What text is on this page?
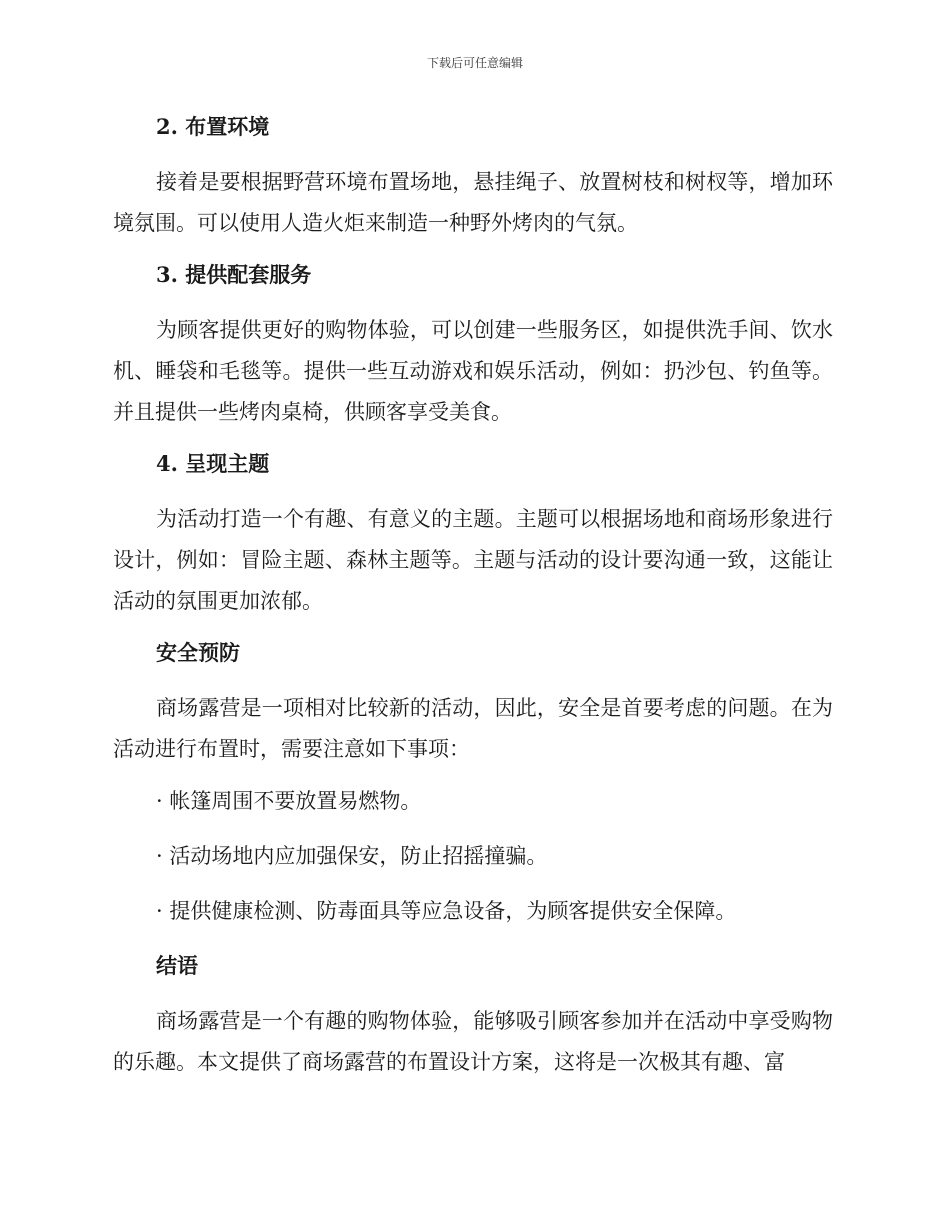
下载后可任意编辑
2. 布置环境

接着是要根据野营环境布置场地，悬挂绳子、放置树枝和树杈等，增加环境氛围。可以使用人造火炬来制造一种野外烤肉的气氛。

3. 提供配套服务

为顾客提供更好的购物体验，可以创建一些服务区，如提供洗手间、饮水机、睡袋和毛毯等。提供一些互动游戏和娱乐活动，例如：扔沙包、钓鱼等。并且提供一些烤肉桌椅，供顾客享受美食。

4. 呈现主题

为活动打造一个有趣、有意义的主题。主题可以根据场地和商场形象进行设计，例如：冒险主题、森林主题等。主题与活动的设计要沟通一致，这能让活动的氛围更加浓郁。

安全预防

商场露营是一项相对比较新的活动，因此，安全是首要考虑的问题。在为活动进行布置时，需要注意如下事项：

· 帐篷周围不要放置易燃物。
· 活动场地内应加强保安，防止招摇撞骗。
· 提供健康检测、防毒面具等应急设备，为顾客提供安全保障。
结语

商场露营是一个有趣的购物体验，能够吸引顾客参加并在活动中享受购物的乐趣。本文提供了商场露营的布置设计方案，这将是一次极其有趣、富
